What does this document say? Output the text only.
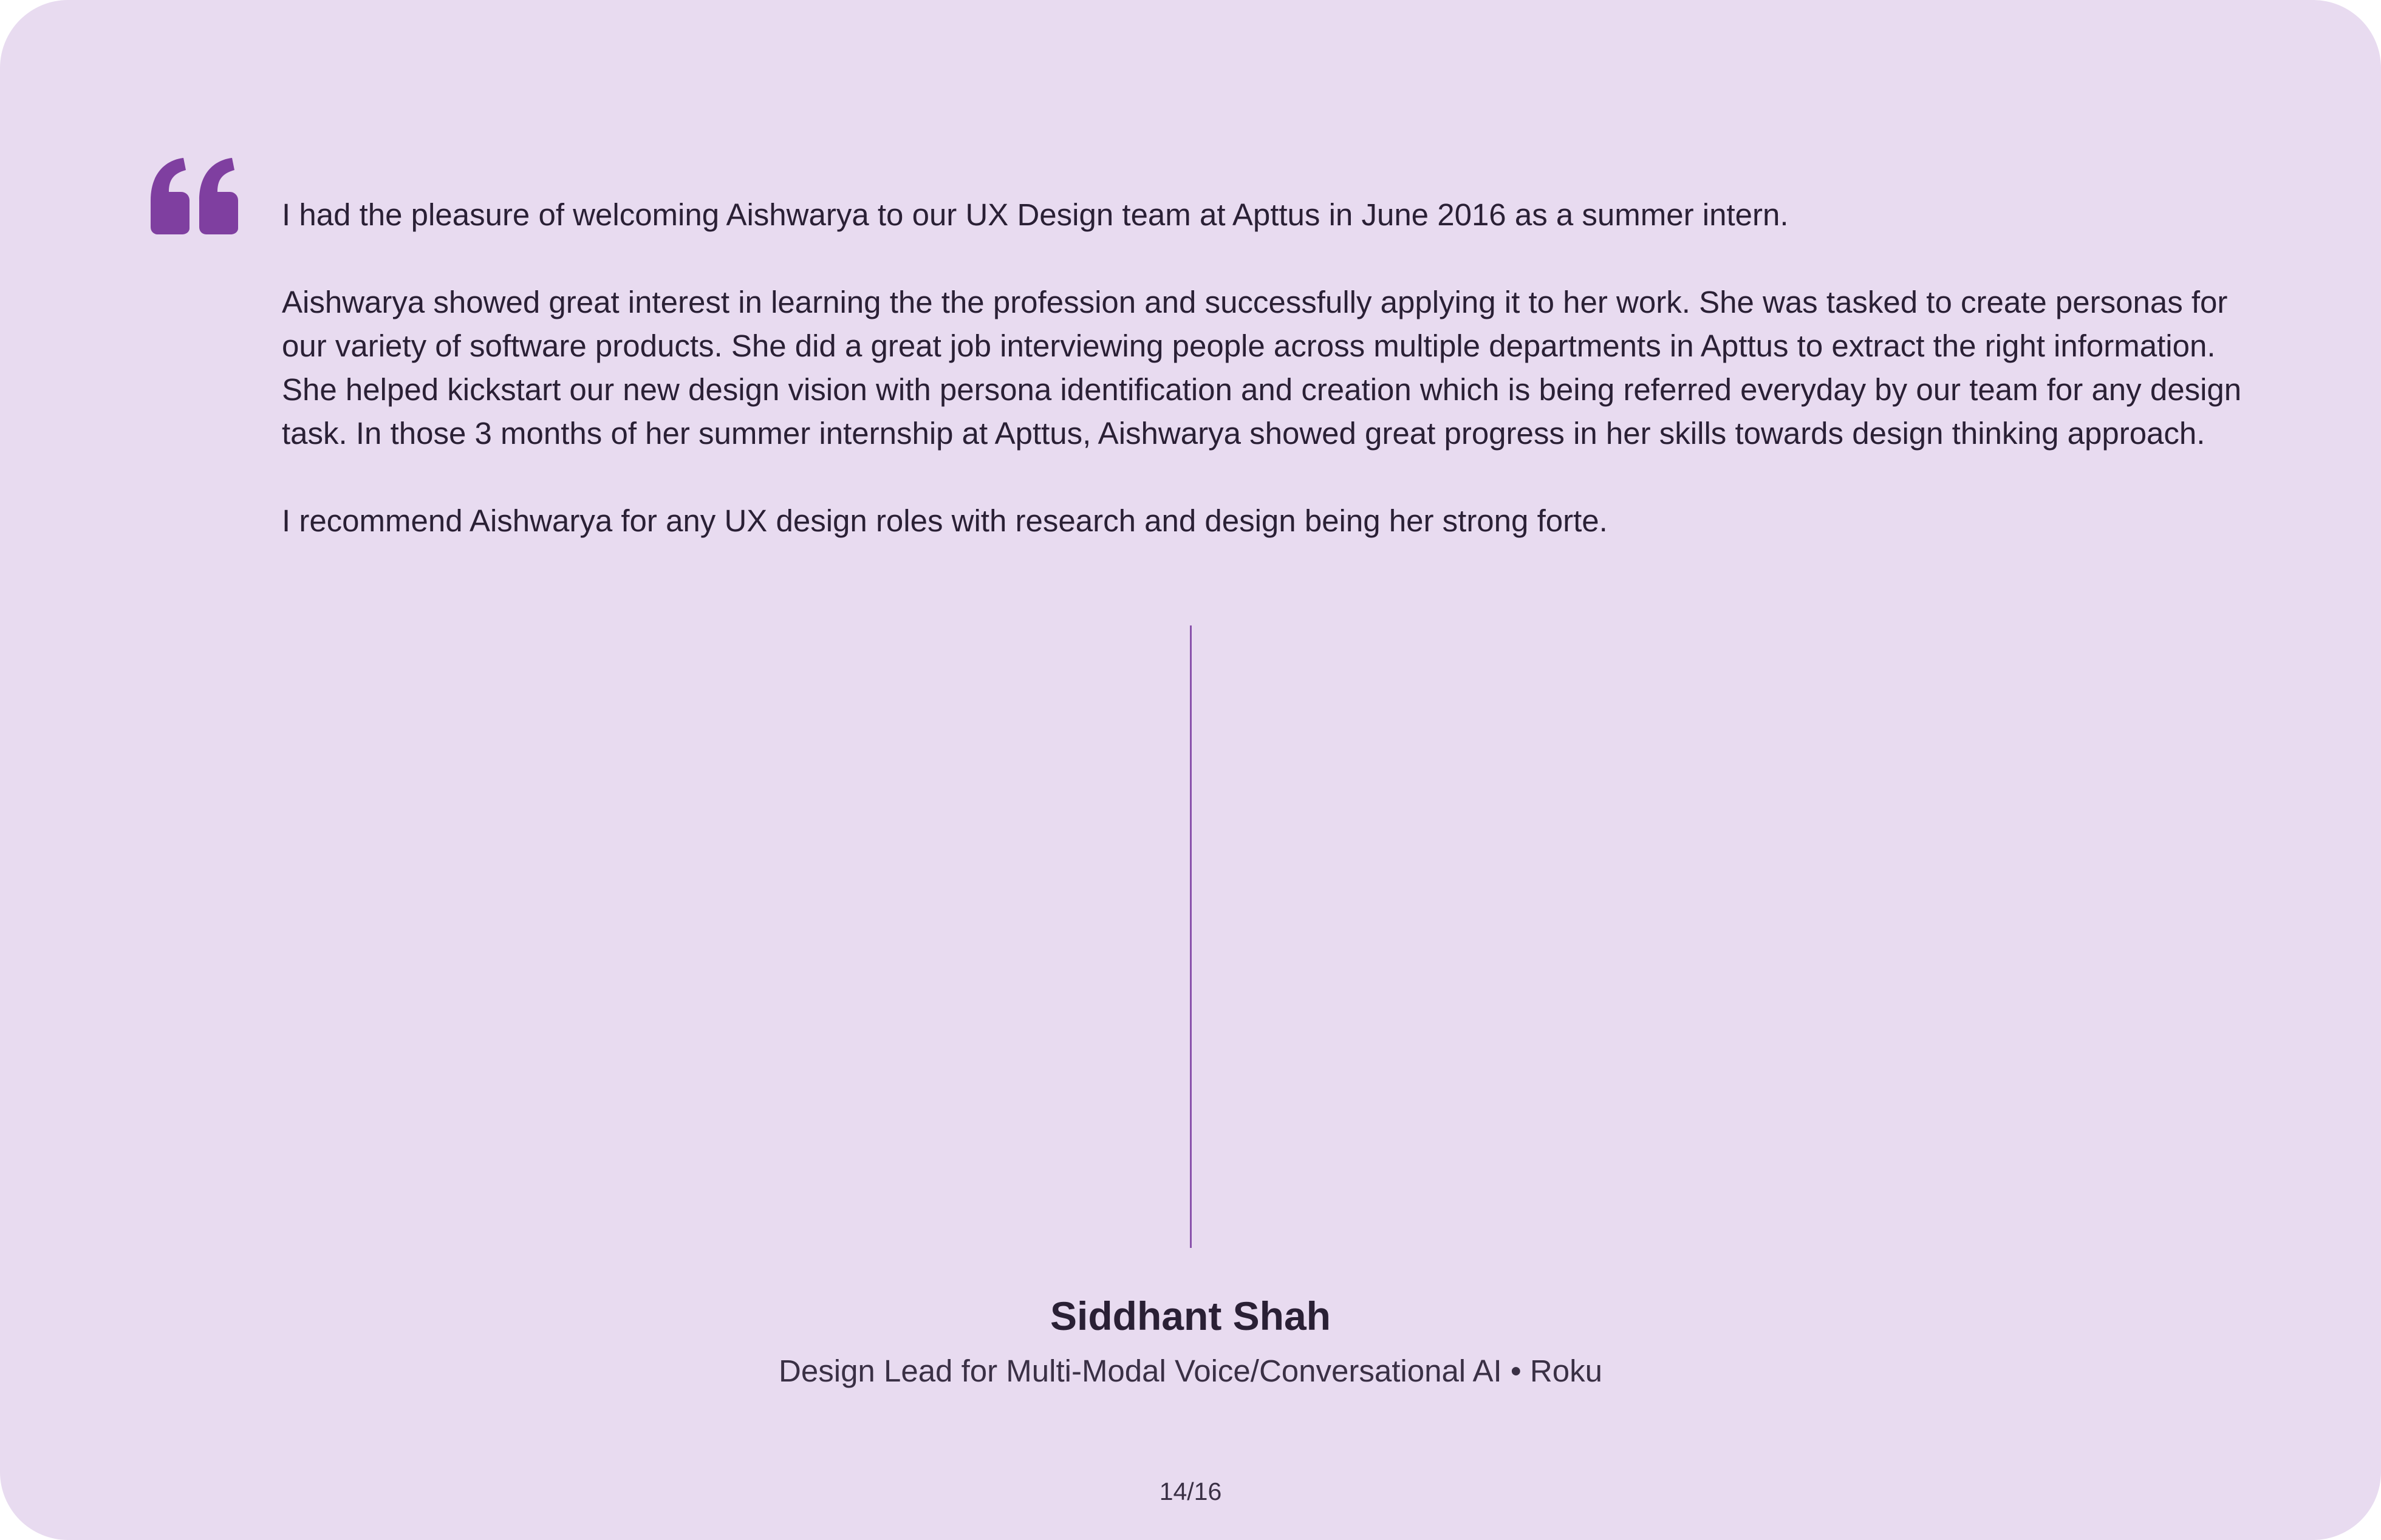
I had the pleasure of welcoming Aishwarya to our UX Design team at Apttus in June 2016 as a summer intern.

Aishwarya showed great interest in learning the the profession and successfully applying it to her work. She was tasked to create personas for our variety of software products. She did a great job interviewing people across multiple departments in Apttus to extract the right information. She helped kickstart our new design vision with persona identification and creation which is being referred everyday by our team for any design task. In those 3 months of her summer internship at Apttus, Aishwarya showed great progress in her skills towards design thinking approach.

I recommend Aishwarya for any UX design roles with research and design being her strong forte.

Siddhant Shah
Design Lead for Multi-Modal Voice/Conversational AI • Roku
14/16
